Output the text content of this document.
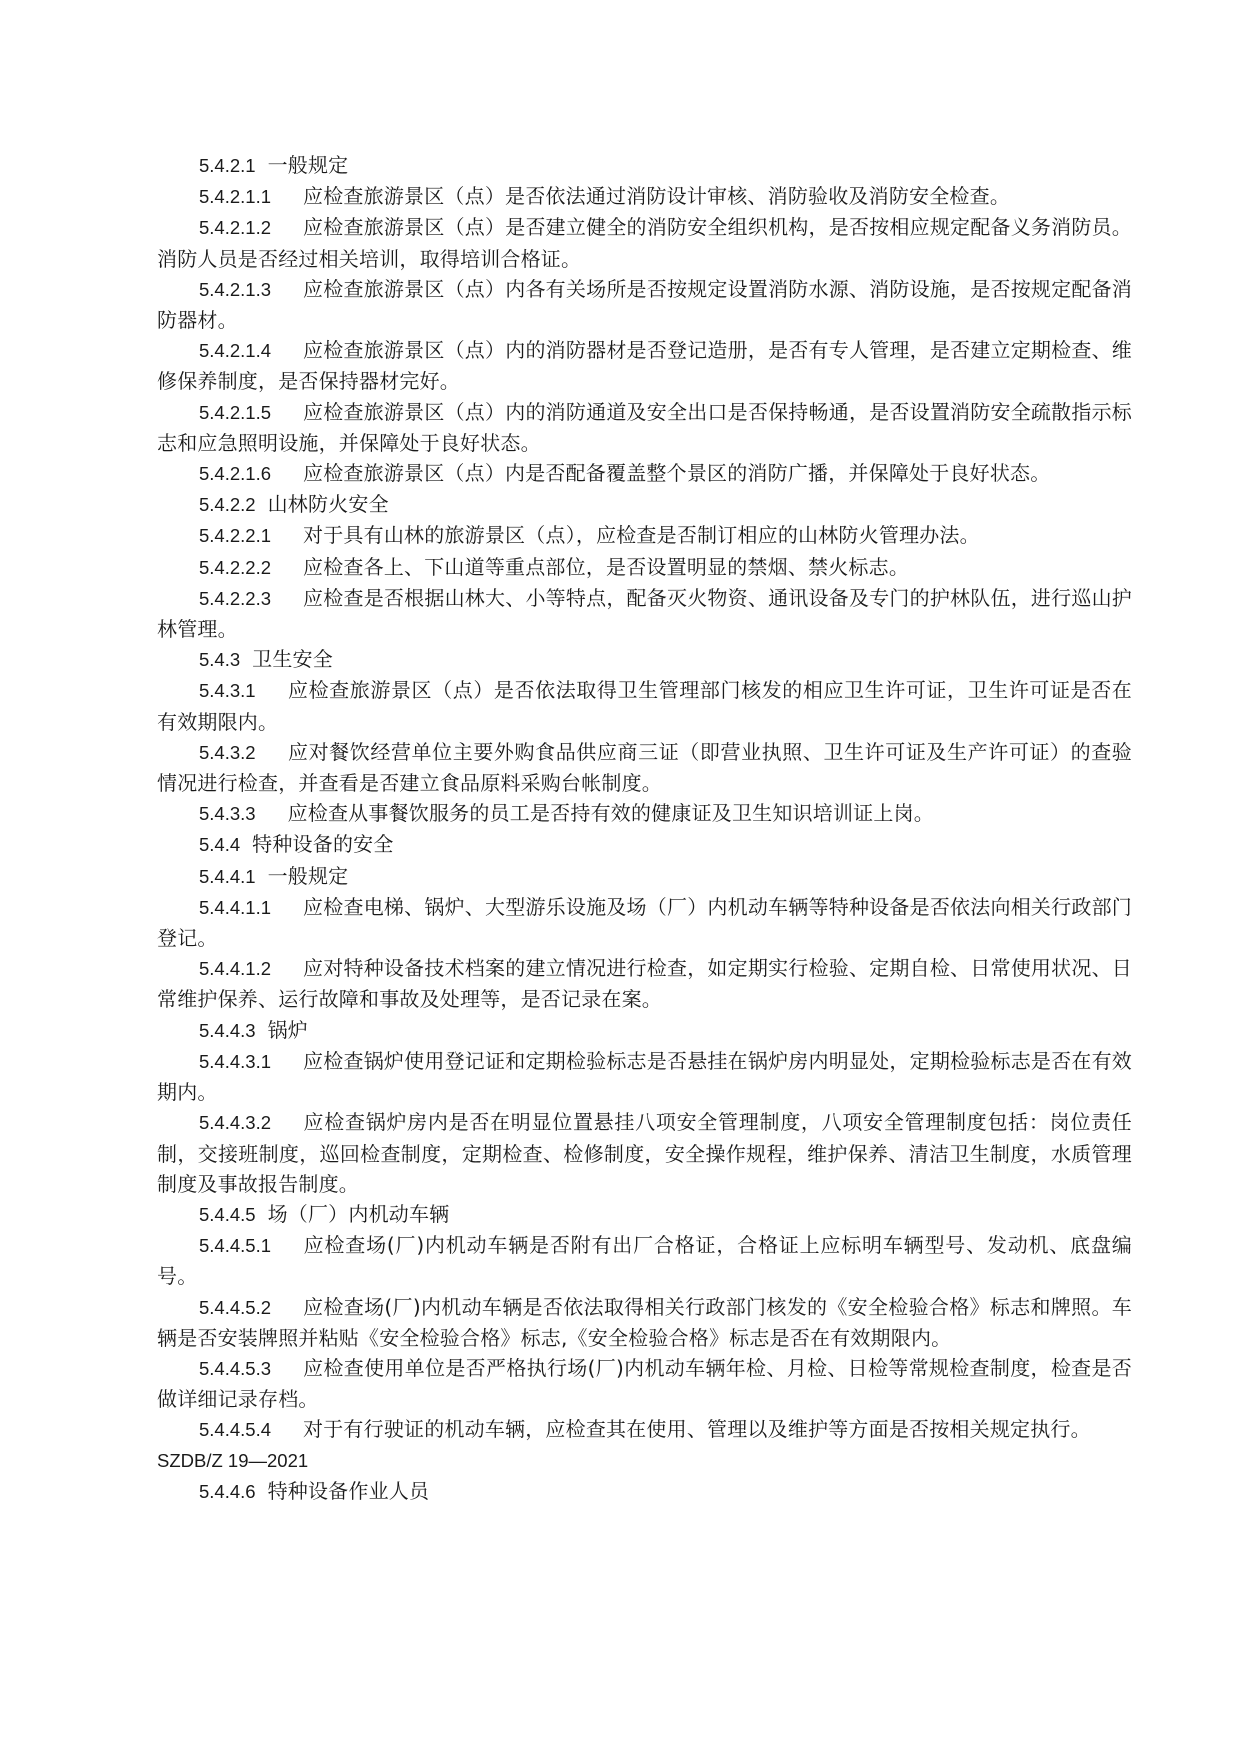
5.4.2.1 一般规定

5.4.2.1.1 应检查旅游景区（点）是否依法通过消防设计审核、消防验收及消防安全检查。

5.4.2.1.2 应检查旅游景区（点）是否建立健全的消防安全组织机构，是否按相应规定配备义务消防员。消防人员是否经过相关培训，取得培训合格证。

5.4.2.1.3 应检查旅游景区（点）内各有关场所是否按规定设置消防水源、消防设施，是否按规定配备消防器材。

5.4.2.1.4 应检查旅游景区（点）内的消防器材是否登记造册，是否有专人管理，是否建立定期检查、维修保养制度，是否保持器材完好。

5.4.2.1.5 应检查旅游景区（点）内的消防通道及安全出口是否保持畅通，是否设置消防安全疏散指示标志和应急照明设施，并保障处于良好状态。

5.4.2.1.6 应检查旅游景区（点）内是否配备覆盖整个景区的消防广播，并保障处于良好状态。

5.4.2.2 山林防火安全

5.4.2.2.1 对于具有山林的旅游景区（点），应检查是否制订相应的山林防火管理办法。

5.4.2.2.2 应检查各上、下山道等重点部位，是否设置明显的禁烟、禁火标志。

5.4.2.2.3 应检查是否根据山林大、小等特点，配备灭火物资、通讯设备及专门的护林队伍，进行巡山护林管理。

5.4.3 卫生安全

5.4.3.1 应检查旅游景区（点）是否依法取得卫生管理部门核发的相应卫生许可证，卫生许可证是否在有效期限内。

5.4.3.2 应对餐饮经营单位主要外购食品供应商三证（即营业执照、卫生许可证及生产许可证）的查验情况进行检查，并查看是否建立食品原料采购台帐制度。

5.4.3.3 应检查从事餐饮服务的员工是否持有效的健康证及卫生知识培训证上岗。

5.4.4 特种设备的安全

5.4.4.1 一般规定

5.4.4.1.1 应检查电梯、锅炉、大型游乐设施及场（厂）内机动车辆等特种设备是否依法向相关行政部门登记。

5.4.4.1.2 应对特种设备技术档案的建立情况进行检查，如定期实行检验、定期自检、日常使用状况、日常维护保养、运行故障和事故及处理等，是否记录在案。

5.4.4.3 锅炉

5.4.4.3.1 应检查锅炉使用登记证和定期检验标志是否悬挂在锅炉房内明显处，定期检验标志是否在有效期内。

5.4.4.3.2 应检查锅炉房内是否在明显位置悬挂八项安全管理制度，八项安全管理制度包括：岗位责任制，交接班制度，巡回检查制度，定期检查、检修制度，安全操作规程，维护保养、清洁卫生制度，水质管理制度及事故报告制度。

5.4.4.5 场（厂）内机动车辆

5.4.4.5.1 应检查场(厂)内机动车辆是否附有出厂合格证，合格证上应标明车辆型号、发动机、底盘编号。

5.4.4.5.2 应检查场(厂)内机动车辆是否依法取得相关行政部门核发的《安全检验合格》标志和牌照。车辆是否安装牌照并粘贴《安全检验合格》标志,《安全检验合格》标志是否在有效期限内。

5.4.4.5.3 应检查使用单位是否严格执行场(厂)内机动车辆年检、月检、日检等常规检查制度，检查是否做详细记录存档。

5.4.4.5.4 对于有行驶证的机动车辆，应检查其在使用、管理以及维护等方面是否按相关规定执行。

SZDB/Z 19—2021

5.4.4.6 特种设备作业人员
